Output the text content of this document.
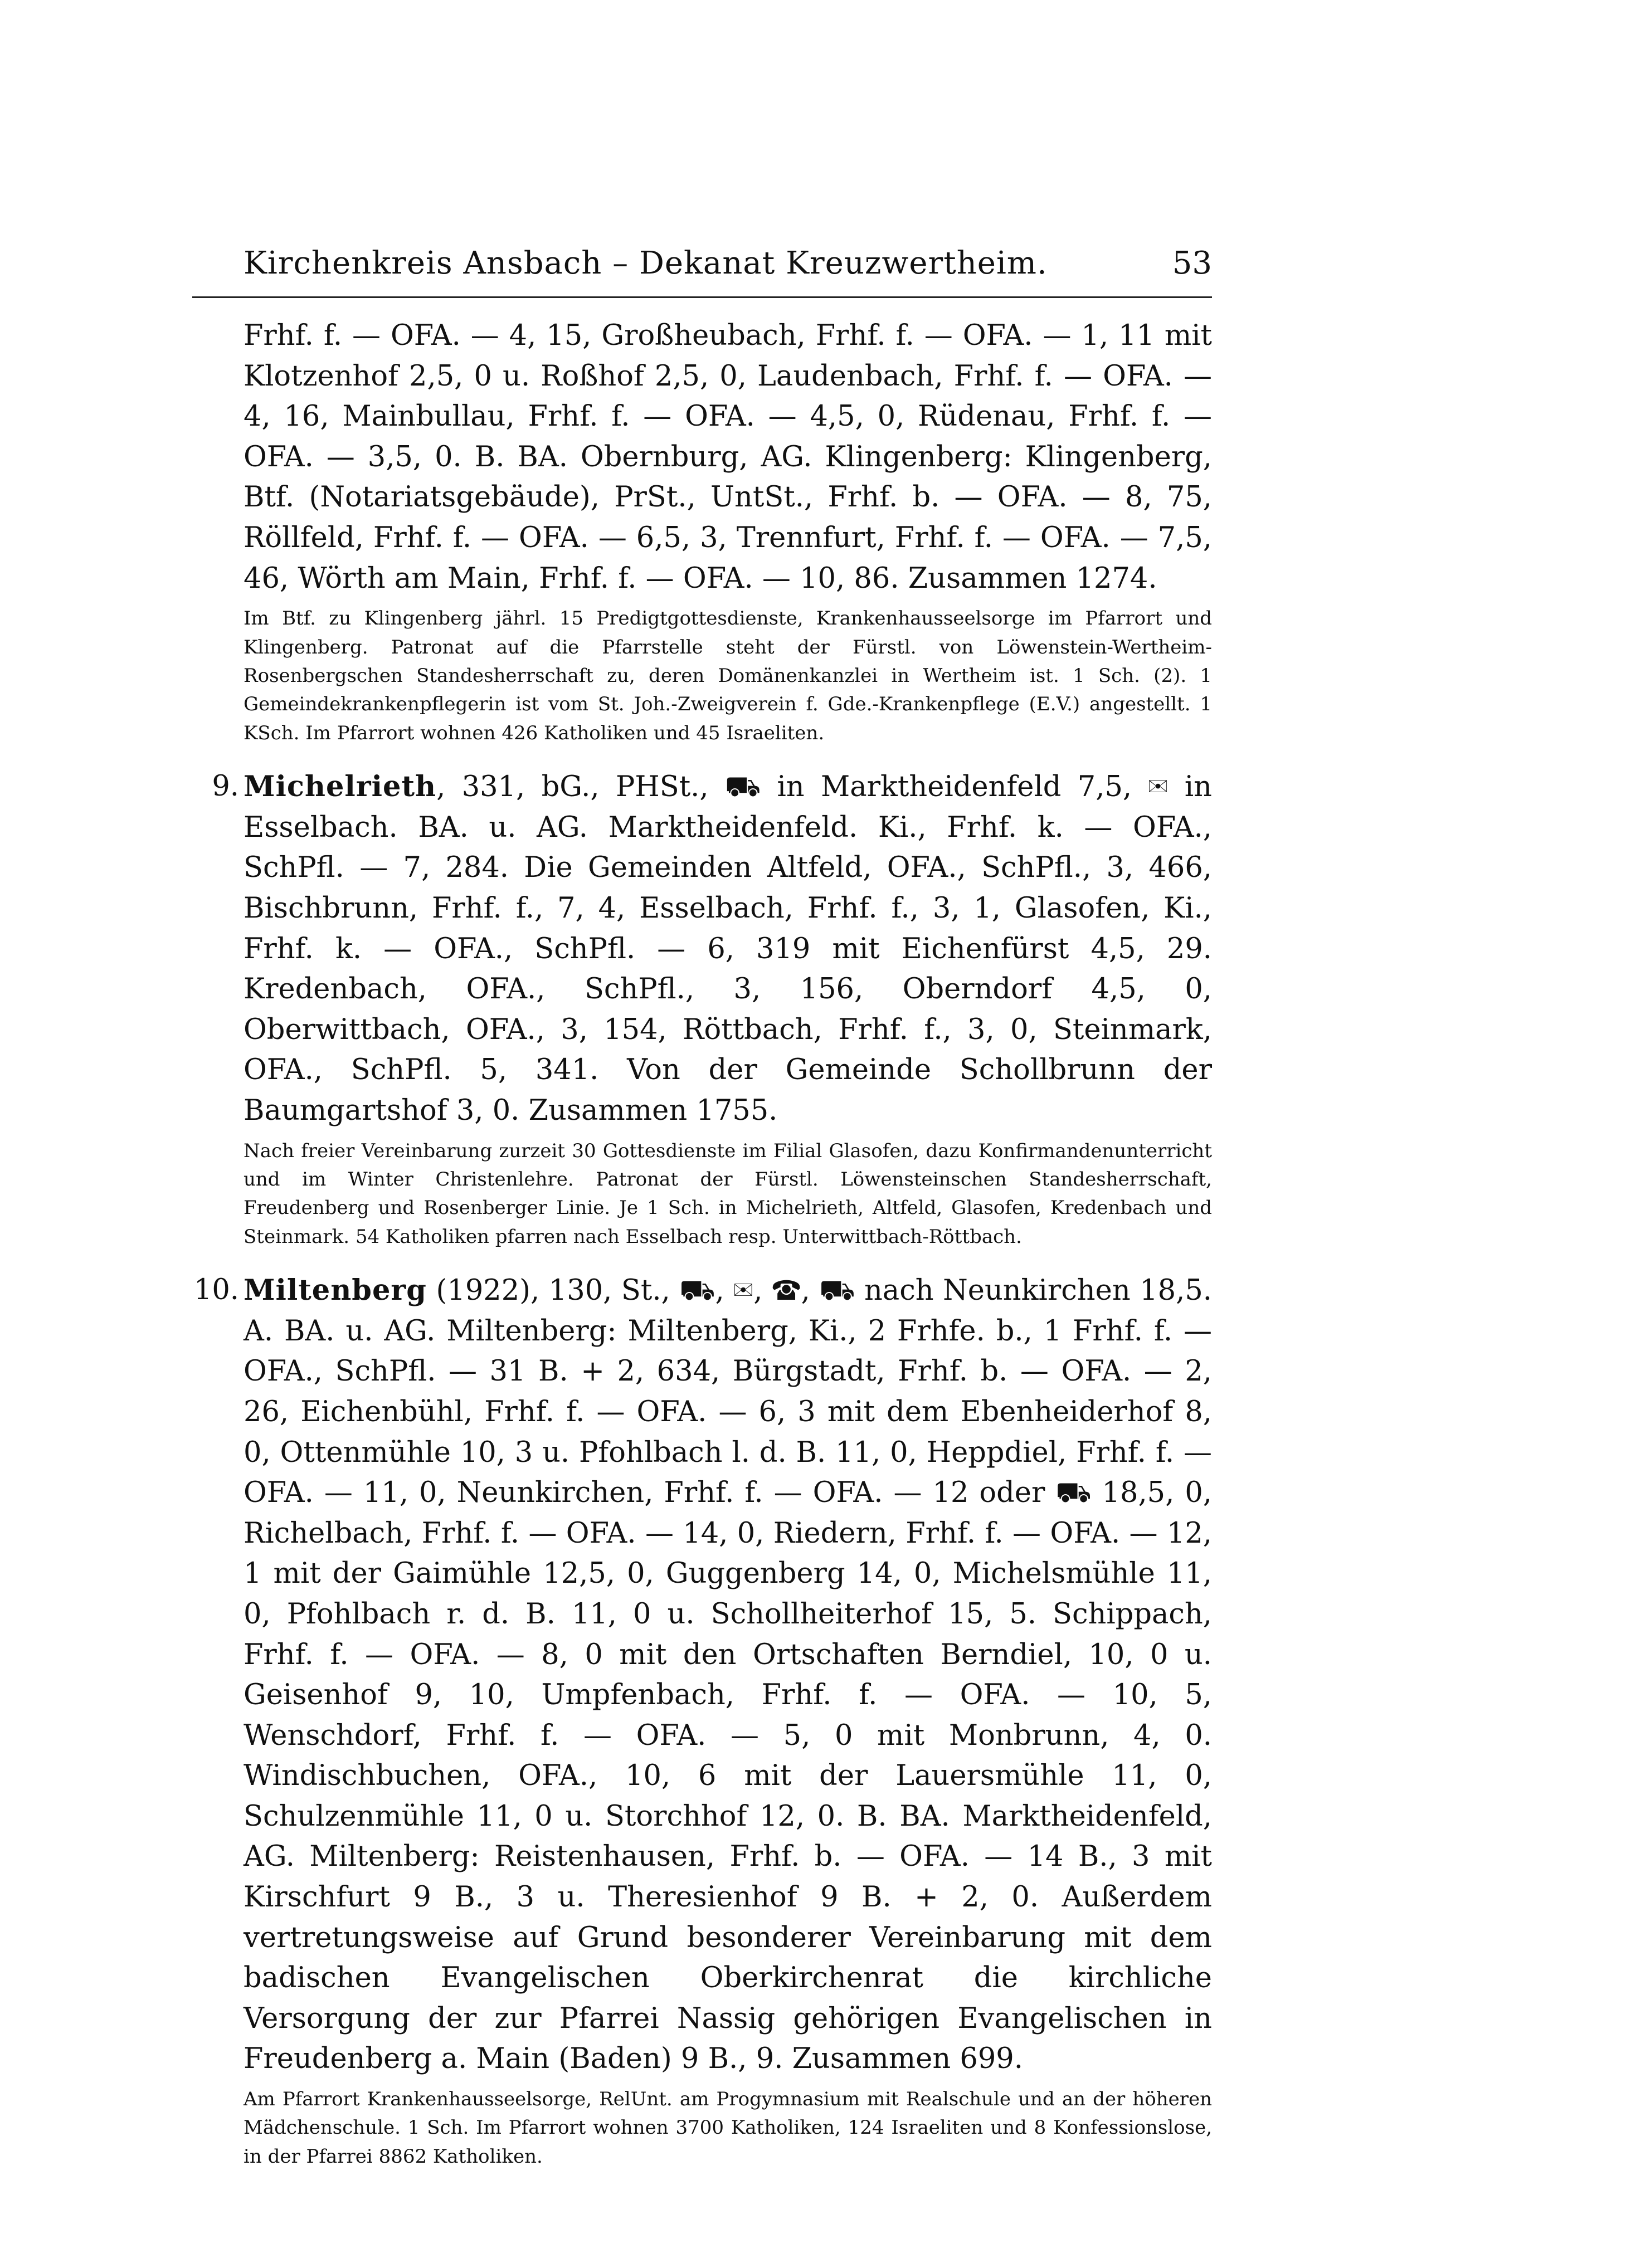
Kirchenkreis Ansbach – Dekanat Kreuzwertheim.	53
Frhf. f. — OFA. — 4, 15, Großheubach, Frhf. f. — OFA. — 1, 11 mit Klotzenhof 2,5, 0 u. Roßhof 2,5, 0, Laudenbach, Frhf. f. — OFA. — 4, 16, Mainbullau, Frhf. f. — OFA. — 4,5, 0, Rüdenau, Frhf. f. — OFA. — 3,5, 0. B. BA. Obernburg, AG. Klingenberg: Klingenberg, Btf. (Notariatsgebäude), PrSt., UntSt., Frhf. b. — OFA. — 8, 75, Röllfeld, Frhf. f. — OFA. — 6,5, 3, Trennfurt, Frhf. f. — OFA. — 7,5, 46, Wörth am Main, Frhf. f. — OFA. — 10, 86. Zusammen 1274.
Im Btf. zu Klingenberg jährl. 15 Predigtgottesdienste, Krankenhausseelsorge im Pfarrort und Klingenberg. Patronat auf die Pfarrstelle steht der Fürstl. von Löwenstein-Wertheim-Rosenbergschen Standesherrschaft zu, deren Domänenkanzlei in Wertheim ist. 1 Sch. (2). 1 Gemeindekrankenpflegerin ist vom St. Joh.-Zweigverein f. Gde.-Krankenpflege (E.V.) angestellt. 1 KSch. Im Pfarrort wohnen 426 Katholiken und 45 Israeliten.
9. Michelrieth, 331, bG., PHSt., ⛟ in Marktheidenfeld 7,5, ✉ in Esselbach. BA. u. AG. Marktheidenfeld. Ki., Frhf. k. — OFA., SchPfl. — 7, 284. Die Gemeinden Altfeld, OFA., SchPfl., 3, 466, Bischbrunn, Frhf. f., 7, 4, Esselbach, Frhf. f., 3, 1, Glasofen, Ki., Frhf. k. — OFA., SchPfl. — 6, 319 mit Eichenfürst 4,5, 29. Kredenbach, OFA., SchPfl., 3, 156, Oberndorf 4,5, 0, Oberwittbach, OFA., 3, 154, Röttbach, Frhf. f., 3, 0, Steinmark, OFA., SchPfl. 5, 341. Von der Gemeinde Schollbrunn der Baumgartshof 3, 0. Zusammen 1755.
Nach freier Vereinbarung zurzeit 30 Gottesdienste im Filial Glasofen, dazu Konfirmandenunterricht und im Winter Christenlehre. Patronat der Fürstl. Löwensteinschen Standesherrschaft, Freudenberg und Rosenberger Linie. Je 1 Sch. in Michelrieth, Altfeld, Glasofen, Kredenbach und Steinmark. 54 Katholiken pfarren nach Esselbach resp. Unterwittbach-Röttbach.
10. Miltenberg (1922), 130, St., ⛟, ✉, ☎, ⛟ nach Neunkirchen 18,5. A. BA. u. AG. Miltenberg: Miltenberg, Ki., 2 Frhfe. b., 1 Frhf. f. — OFA., SchPfl. — 31 B. + 2, 634, Bürgstadt, Frhf. b. — OFA. — 2, 26, Eichenbühl, Frhf. f. — OFA. — 6, 3 mit dem Ebenheiderhof 8, 0, Ottenmühle 10, 3 u. Pfohlbach l. d. B. 11, 0, Heppdiel, Frhf. f. — OFA. — 11, 0, Neunkirchen, Frhf. f. — OFA. — 12 oder ⛟ 18,5, 0, Richelbach, Frhf. f. — OFA. — 14, 0, Riedern, Frhf. f. — OFA. — 12, 1 mit der Gaimühle 12,5, 0, Guggenberg 14, 0, Michelsmühle 11, 0, Pfohlbach r. d. B. 11, 0 u. Schollheiterhof 15, 5. Schippach, Frhf. f. — OFA. — 8, 0 mit den Ortschaften Berndiel, 10, 0 u. Geisenhof 9, 10, Umpfenbach, Frhf. f. — OFA. — 10, 5, Wenschdorf, Frhf. f. — OFA. — 5, 0 mit Monbrunn, 4, 0. Windischbuchen, OFA., 10, 6 mit der Lauersmühle 11, 0, Schulzenmühle 11, 0 u. Storchhof 12, 0. B. BA. Marktheidenfeld, AG. Miltenberg: Reistenhausen, Frhf. b. — OFA. — 14 B., 3 mit Kirschfurt 9 B., 3 u. Theresienhof 9 B. + 2, 0. Außerdem vertretungsweise auf Grund besonderer Vereinbarung mit dem badischen Evangelischen Oberkirchenrat die kirchliche Versorgung der zur Pfarrei Nassig gehörigen Evangelischen in Freudenberg a. Main (Baden) 9 B., 9. Zusammen 699.
Am Pfarrort Krankenhausseelsorge, RelUnt. am Progymnasium mit Realschule und an der höheren Mädchenschule. 1 Sch. Im Pfarrort wohnen 3700 Katholiken, 124 Israeliten und 8 Konfessionslose, in der Pfarrei 8862 Katholiken.
